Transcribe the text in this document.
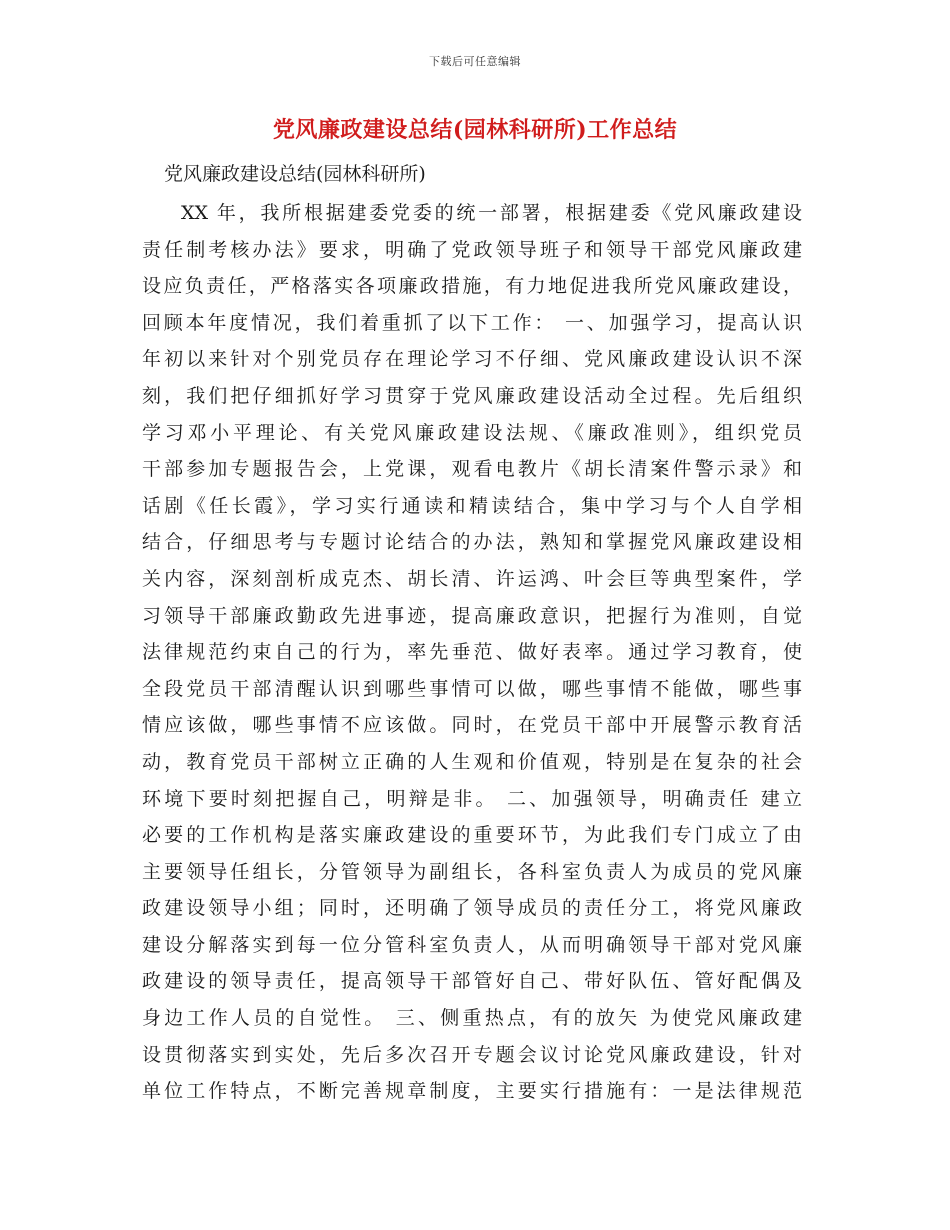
下载后可任意编辑
党风廉政建设总结(园林科研所)工作总结
党风廉政建设总结(园林科研所)
XX 年，我所根据建委党委的统一部署，根据建委《党风廉政建设
责任制考核办法》要求，明确了党政领导班子和领导干部党风廉政建
设应负责任，严格落实各项廉政措施，有力地促进我所党风廉政建设，
回顾本年度情况，我们着重抓了以下工作： 一、加强学习，提高认识
年初以来针对个别党员存在理论学习不仔细、党风廉政建设认识不深
刻，我们把仔细抓好学习贯穿于党风廉政建设活动全过程。先后组织
学习邓小平理论、有关党风廉政建设法规、《廉政准则》，组织党员
干部参加专题报告会，上党课，观看电教片《胡长清案件警示录》和
话剧《任长霞》，学习实行通读和精读结合，集中学习与个人自学相
结合，仔细思考与专题讨论结合的办法，熟知和掌握党风廉政建设相
关内容，深刻剖析成克杰、胡长清、许运鸿、叶会巨等典型案件，学
习领导干部廉政勤政先进事迹，提高廉政意识，把握行为准则，自觉
法律规范约束自己的行为，率先垂范、做好表率。通过学习教育，使
全段党员干部清醒认识到哪些事情可以做，哪些事情不能做，哪些事
情应该做，哪些事情不应该做。同时，在党员干部中开展警示教育活
动，教育党员干部树立正确的人生观和价值观，特别是在复杂的社会
环境下要时刻把握自己，明辩是非。 二、加强领导，明确责任 建立
必要的工作机构是落实廉政建设的重要环节，为此我们专门成立了由
主要领导任组长，分管领导为副组长，各科室负责人为成员的党风廉
政建设领导小组；同时，还明确了领导成员的责任分工，将党风廉政
建设分解落实到每一位分管科室负责人，从而明确领导干部对党风廉
政建设的领导责任，提高领导干部管好自己、带好队伍、管好配偶及
身边工作人员的自觉性。 三、侧重热点，有的放矢 为使党风廉政建
设贯彻落实到实处，先后多次召开专题会议讨论党风廉政建设，针对
单位工作特点，不断完善规章制度，主要实行措施有：一是法律规范
